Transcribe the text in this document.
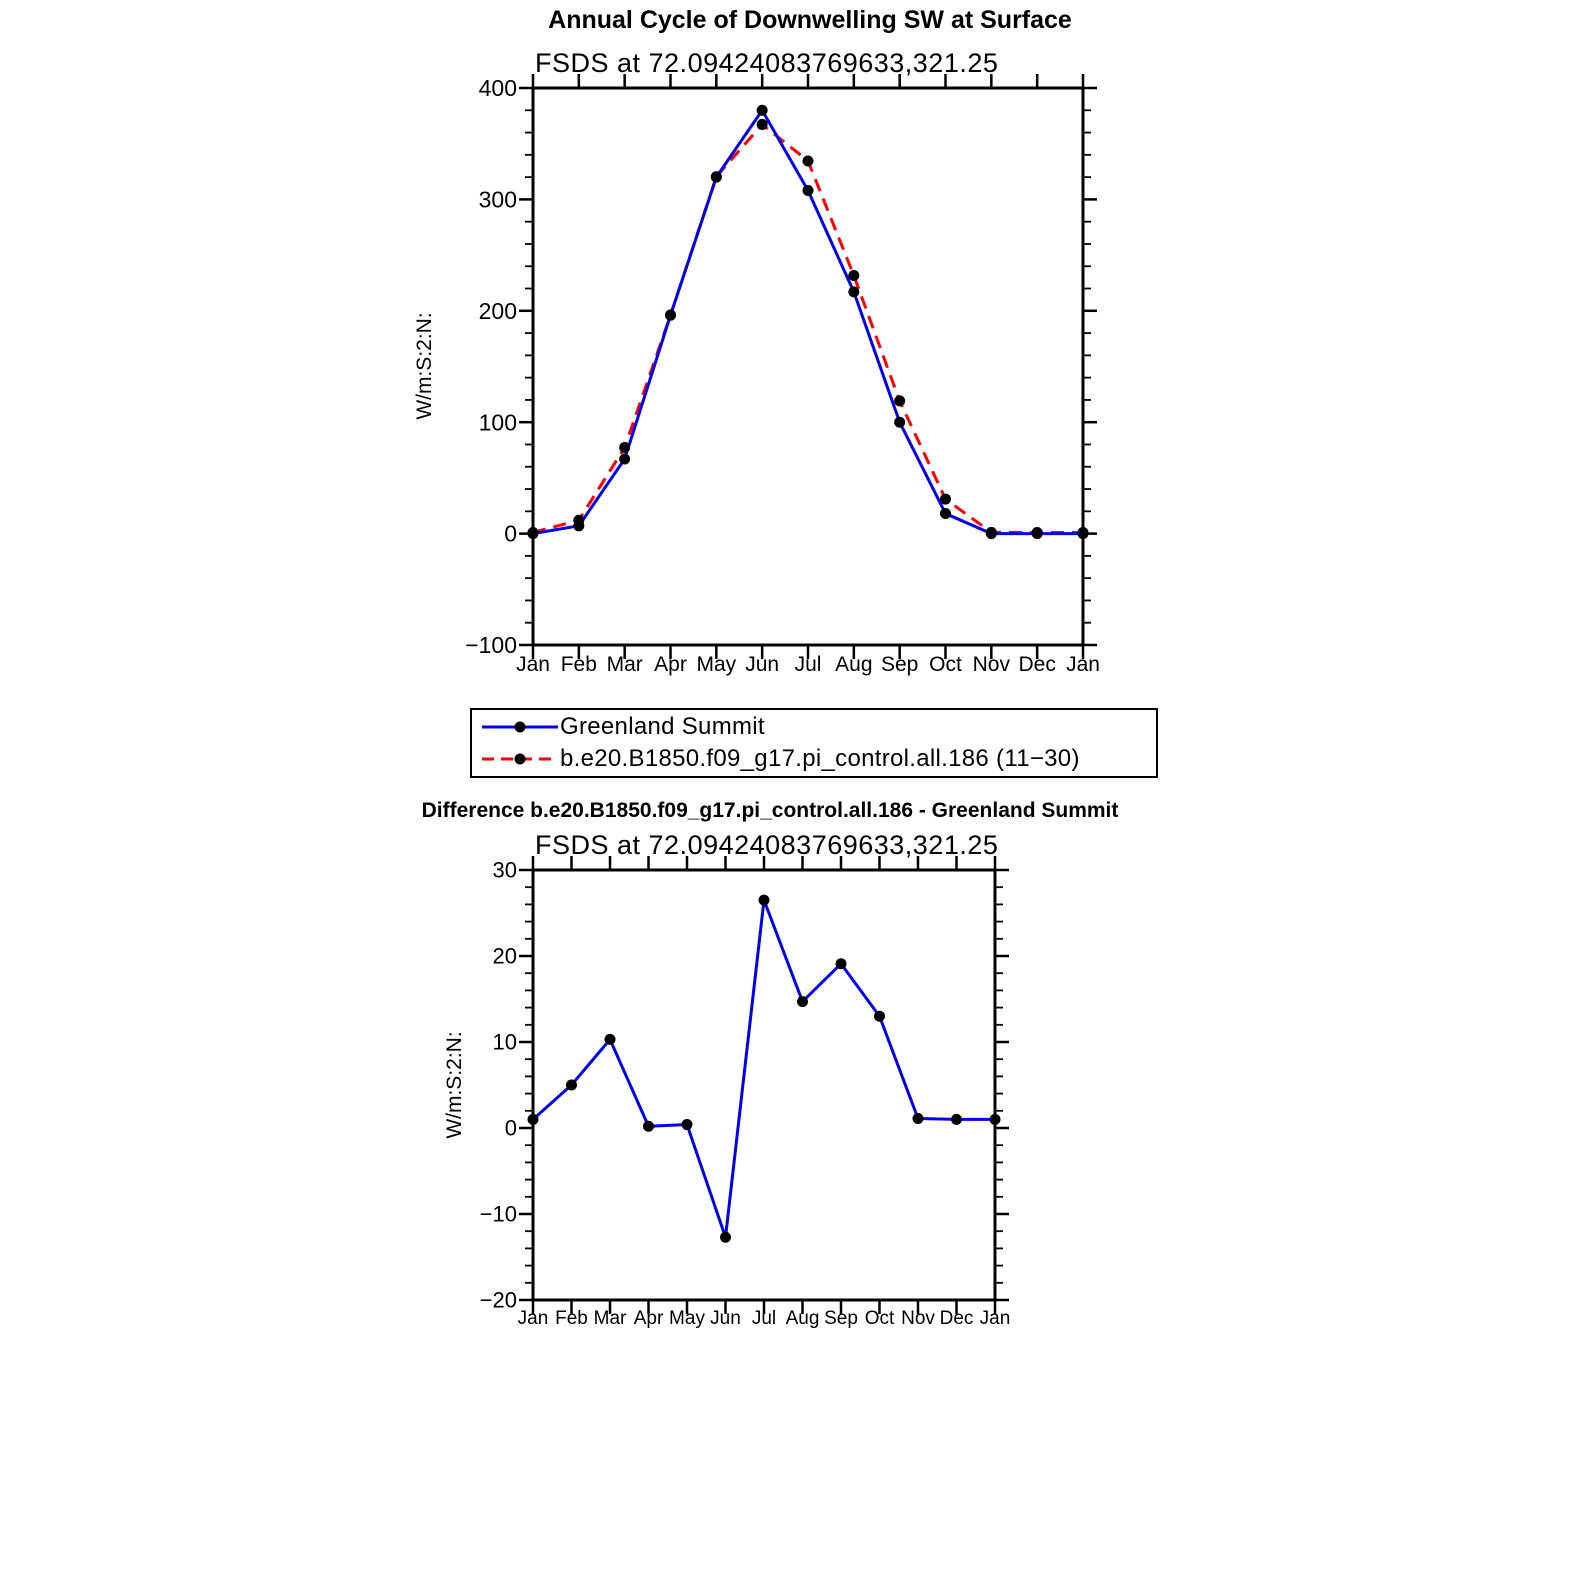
Annual Cycle of Downwelling SW at Surface
FSDS at 72.09424083769633,321.25
W/m:S:2:N:
Difference b.e20.B1850.f09_g17.pi_control.all.186 - Greenland Summit
FSDS at 72.09424083769633,321.25
W/m:S:2:N:
−100
0
100
200
300
400
Jan Feb Mar Apr May Jun Jul Aug Sep Oct Nov Dec Jan
−20
−10
0
10
20
30
Jan Feb Mar Apr May Jun Jul Aug Sep Oct Nov Dec Jan
Greenland Summit
b.e20.B1850.f09_g17.pi_control.all.186 (11−30)
